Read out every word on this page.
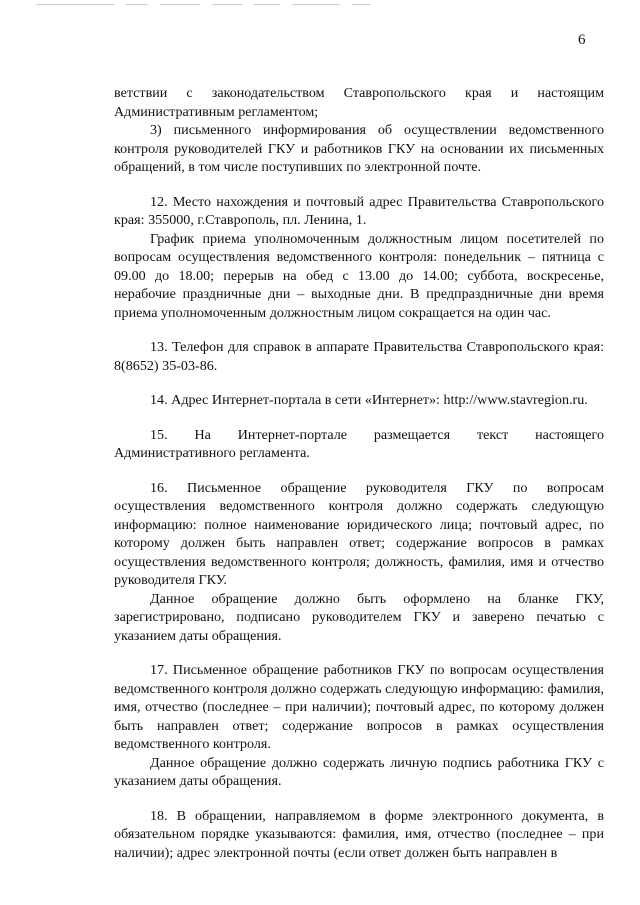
6

ветствии с законодательством Ставропольского края и настоящим Административным регламентом;

3) письменного информирования об осуществлении ведомственного контроля руководителей ГКУ и работников ГКУ на основании их письменных обращений, в том числе поступивших по электронной почте.

12. Место нахождения и почтовый адрес Правительства Ставропольского края: 355000, г.Ставрополь, пл. Ленина, 1.

График приема уполномоченным должностным лицом посетителей по вопросам осуществления ведомственного контроля: понедельник – пятница с 09.00 до 18.00; перерыв на обед с 13.00 до 14.00; суббота, воскресенье, нерабочие праздничные дни – выходные дни. В предпраздничные дни время приема уполномоченным должностным лицом сокращается на один час.

13. Телефон для справок в аппарате Правительства Ставропольского края: 8(8652) 35-03-86.

14. Адрес Интернет-портала в сети «Интернет»: http://www.stavregion.ru.

15. На Интернет-портале размещается текст настоящего Административного регламента.

16. Письменное обращение руководителя ГКУ по вопросам осуществления ведомственного контроля должно содержать следующую информацию: полное наименование юридического лица; почтовый адрес, по которому должен быть направлен ответ; содержание вопросов в рамках осуществления ведомственного контроля; должность, фамилия, имя и отчество руководителя ГКУ.

Данное обращение должно быть оформлено на бланке ГКУ, зарегистрировано, подписано руководителем ГКУ и заверено печатью с указанием даты обращения.

17. Письменное обращение работников ГКУ по вопросам осуществления ведомственного контроля должно содержать следующую информацию: фамилия, имя, отчество (последнее – при наличии); почтовый адрес, по которому должен быть направлен ответ; содержание вопросов в рамках осуществления ведомственного контроля.

Данное обращение должно содержать личную подпись работника ГКУ с указанием даты обращения.

18. В обращении, направляемом в форме электронного документа, в обязательном порядке указываются: фамилия, имя, отчество (последнее – при наличии); адрес электронной почты (если ответ должен быть направлен в
